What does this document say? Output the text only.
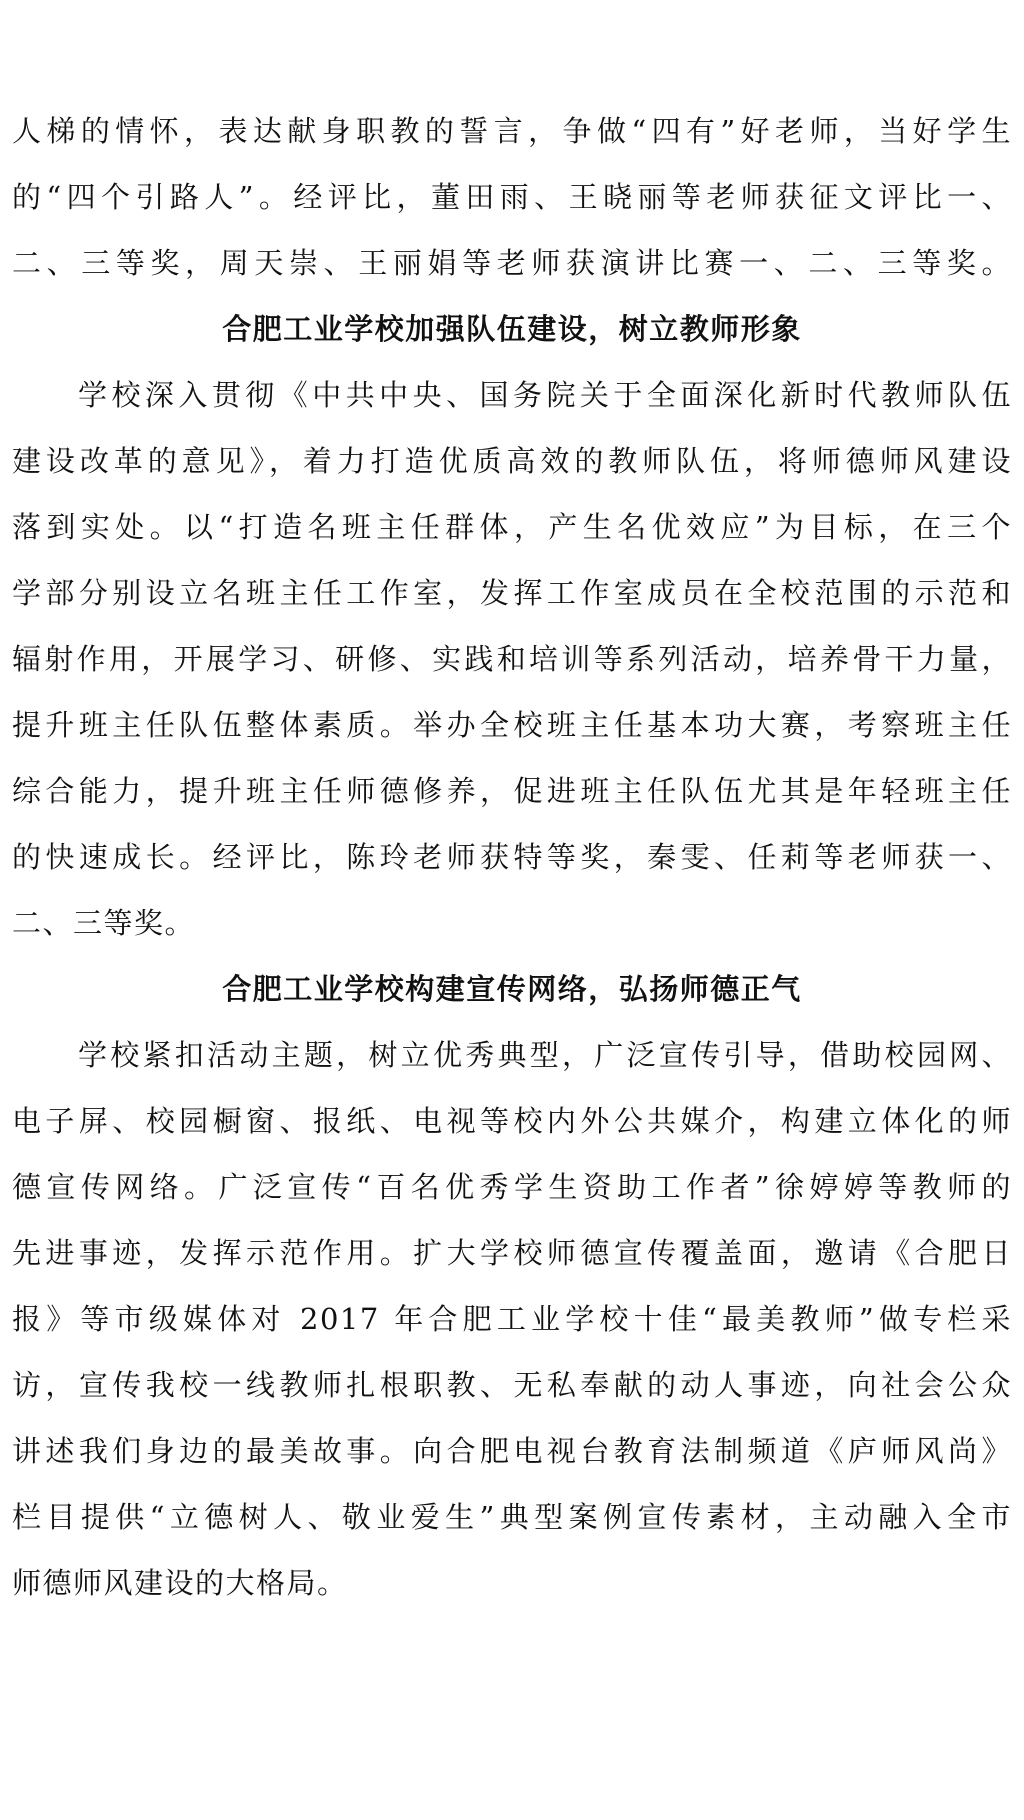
人梯的情怀，表达献身职教的誓言，争做“四有”好老师，当好学生
的“四个引路人”。经评比，董田雨、王晓丽等老师获征文评比一、
二、三等奖，周天崇、王丽娟等老师获演讲比赛一、二、三等奖。
合肥工业学校加强队伍建设，树立教师形象
学校深入贯彻《中共中央、国务院关于全面深化新时代教师队伍
建设改革的意见》，着力打造优质高效的教师队伍，将师德师风建设
落到实处。以“打造名班主任群体，产生名优效应”为目标，在三个
学部分别设立名班主任工作室，发挥工作室成员在全校范围的示范和
辐射作用，开展学习、研修、实践和培训等系列活动，培养骨干力量，
提升班主任队伍整体素质。举办全校班主任基本功大赛，考察班主任
综合能力，提升班主任师德修养，促进班主任队伍尤其是年轻班主任
的快速成长。经评比，陈玲老师获特等奖，秦雯、任莉等老师获一、
二、三等奖。
合肥工业学校构建宣传网络，弘扬师德正气
学校紧扣活动主题，树立优秀典型，广泛宣传引导，借助校园网、
电子屏、校园橱窗、报纸、电视等校内外公共媒介，构建立体化的师
德宣传网络。广泛宣传“百名优秀学生资助工作者”徐婷婷等教师的
先进事迹，发挥示范作用。扩大学校师德宣传覆盖面，邀请《合肥日
报》等市级媒体对 2017 年合肥工业学校十佳“最美教师”做专栏采
访，宣传我校一线教师扎根职教、无私奉献的动人事迹，向社会公众
讲述我们身边的最美故事。向合肥电视台教育法制频道《庐师风尚》
栏目提供“立德树人、敬业爱生”典型案例宣传素材，主动融入全市
师德师风建设的大格局。
